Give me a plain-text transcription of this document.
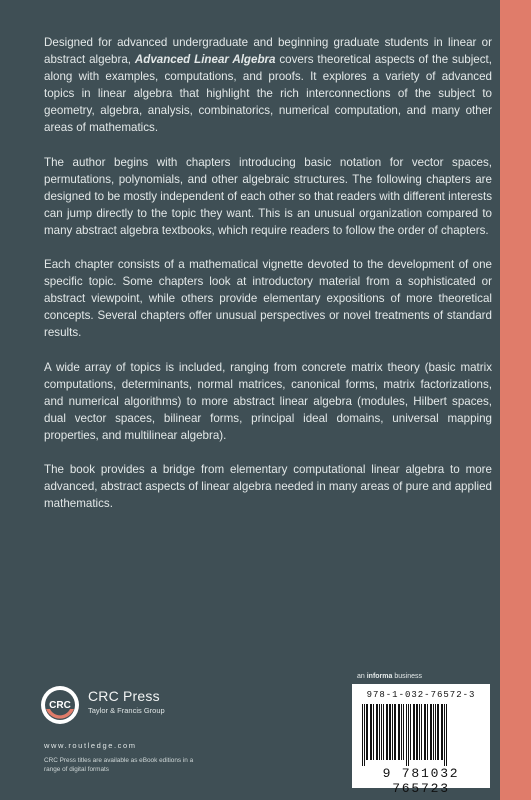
Designed for advanced undergraduate and beginning graduate students in linear or abstract algebra, Advanced Linear Algebra covers theoretical aspects of the subject, along with examples, computations, and proofs. It explores a variety of advanced topics in linear algebra that highlight the rich interconnections of the subject to geometry, algebra, analysis, combinatorics, numerical computation, and many other areas of mathematics.

The author begins with chapters introducing basic notation for vector spaces, permutations, polynomials, and other algebraic structures. The following chapters are designed to be mostly independent of each other so that readers with different interests can jump directly to the topic they want. This is an unusual organization compared to many abstract algebra textbooks, which require readers to follow the order of chapters.

Each chapter consists of a mathematical vignette devoted to the development of one specific topic. Some chapters look at introductory material from a sophisticated or abstract viewpoint, while others provide elementary expositions of more theoretical concepts. Several chapters offer unusual perspectives or novel treatments of standard results.

A wide array of topics is included, ranging from concrete matrix theory (basic matrix computations, determinants, normal matrices, canonical forms, matrix factorizations, and numerical algorithms) to more abstract linear algebra (modules, Hilbert spaces, dual vector spaces, bilinear forms, principal ideal domains, universal mapping properties, and multilinear algebra).

The book provides a bridge from elementary computational linear algebra to more advanced, abstract aspects of linear algebra needed in many areas of pure and applied mathematics.

CRC
CRC Press
Taylor & Francis Group
www.routledge.com
CRC Press titles are available as eBook editions in a range of digital formats
an informa business
978-1-032-76572-3
9 781032 765723
